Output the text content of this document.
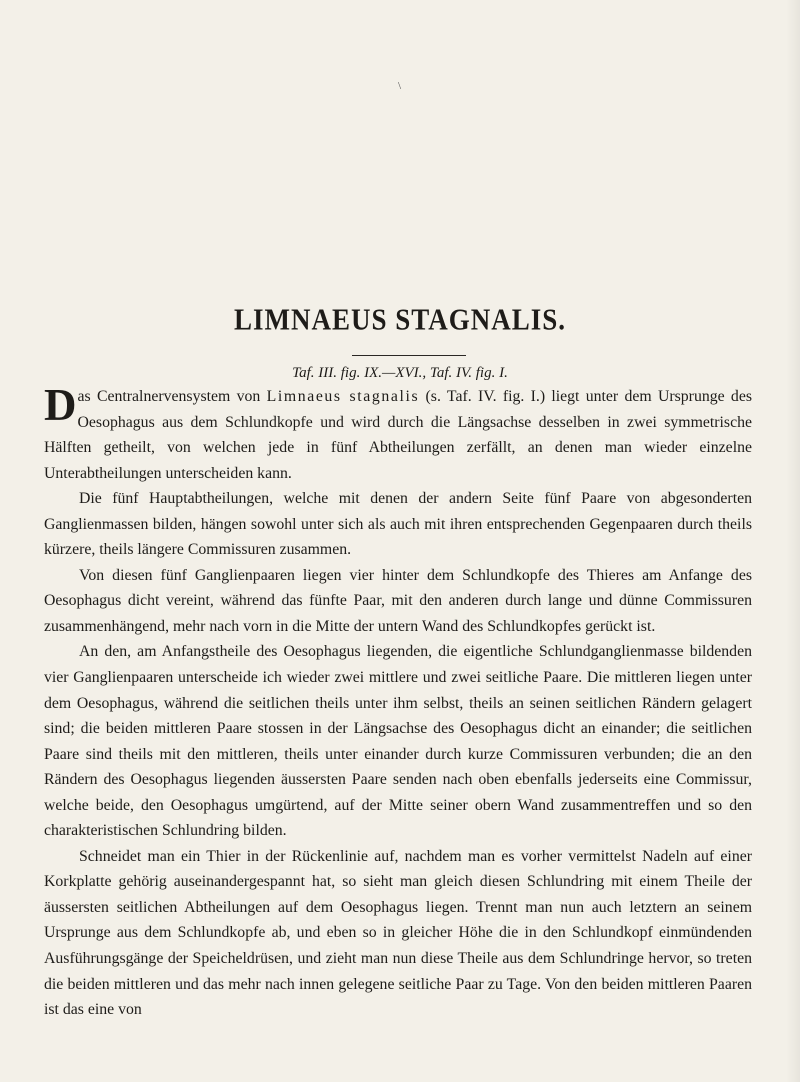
\
LIMNAEUS STAGNALIS.
Taf. III. fig. IX.—XVI., Taf. IV. fig. I.

Das Centralnervensystem von Limnaeus stagnalis (s. Taf. IV. fig. I.) liegt unter dem Ursprunge des Oesophagus aus dem Schlundkopfe und wird durch die Längsachse desselben in zwei symmetrische Hälften getheilt, von welchen jede in fünf Abtheilungen zerfällt, an denen man wieder einzelne Unterabtheilungen unterscheiden kann.

Die fünf Hauptabtheilungen, welche mit denen der andern Seite fünf Paare von abgesonderten Ganglienmassen bilden, hängen sowohl unter sich als auch mit ihren entsprechenden Gegenpaaren durch theils kürzere, theils längere Commissuren zusammen.

Von diesen fünf Ganglienpaaren liegen vier hinter dem Schlundkopfe des Thieres am Anfange des Oesophagus dicht vereint, während das fünfte Paar, mit den anderen durch lange und dünne Commissuren zusammenhängend, mehr nach vorn in die Mitte der untern Wand des Schlundkopfes gerückt ist.

An den, am Anfangstheile des Oesophagus liegenden, die eigentliche Schlundganglienmasse bildenden vier Ganglienpaaren unterscheide ich wieder zwei mittlere und zwei seitliche Paare. Die mittleren liegen unter dem Oesophagus, während die seitlichen theils unter ihm selbst, theils an seinen seitlichen Rändern gelagert sind; die beiden mittleren Paare stossen in der Längsachse des Oesophagus dicht an einander; die seitlichen Paare sind theils mit den mittleren, theils unter einander durch kurze Commissuren verbunden; die an den Rändern des Oesophagus liegenden äussersten Paare senden nach oben ebenfalls jederseits eine Commissur, welche beide, den Oesophagus umgürtend, auf der Mitte seiner obern Wand zusammentreffen und so den charakteristischen Schlundring bilden.

Schneidet man ein Thier in der Rückenlinie auf, nachdem man es vorher vermittelst Nadeln auf einer Korkplatte gehörig auseinandergespannt hat, so sieht man gleich diesen Schlundring mit einem Theile der äussersten seitlichen Abtheilungen auf dem Oesophagus liegen. Trennt man nun auch letztern an seinem Ursprunge aus dem Schlundkopfe ab, und eben so in gleicher Höhe die in den Schlundkopf einmündenden Ausführungsgänge der Speicheldrüsen, und zieht man nun diese Theile aus dem Schlundringe hervor, so treten die beiden mittleren und das mehr nach innen gelegene seitliche Paar zu Tage. Von den beiden mittleren Paaren ist das eine von
